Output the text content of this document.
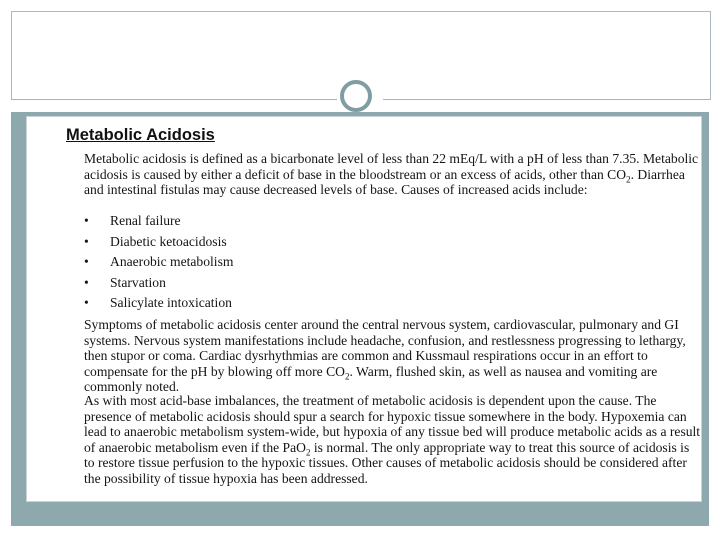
Metabolic Acidosis

Metabolic acidosis is defined as a bicarbonate level of less than 22 mEq/L with a pH of less than 7.35. Metabolic acidosis is caused by either a deficit of base in the bloodstream or an excess of acids, other than $CO_2$. Diarrhea and intestinal fistulas may cause decreased levels of base. Causes of increased acids include:

• Renal failure
• Diabetic ketoacidosis
• Anaerobic metabolism
• Starvation
• Salicylate intoxication

Symptoms of metabolic acidosis center around the central nervous system, cardiovascular, pulmonary and GI systems. Nervous system manifestations include headache, confusion, and restlessness progressing to lethargy, then stupor or coma. Cardiac dysrhythmias are common and Kussmaul respirations occur in an effort to compensate for the pH by blowing off more $CO_2$. Warm, flushed skin, as well as nausea and vomiting are commonly noted.

As with most acid-base imbalances, the treatment of metabolic acidosis is dependent upon the cause. The presence of metabolic acidosis should spur a search for hypoxic tissue somewhere in the body. Hypoxemia can lead to anaerobic metabolism system-wide, but hypoxia of any tissue bed will produce metabolic acids as a result of anaerobic metabolism even if the PaO$_2$ is normal. The only appropriate way to treat this source of acidosis is to restore tissue perfusion to the hypoxic tissues. Other causes of metabolic acidosis should be considered after the possibility of tissue hypoxia has been addressed.
